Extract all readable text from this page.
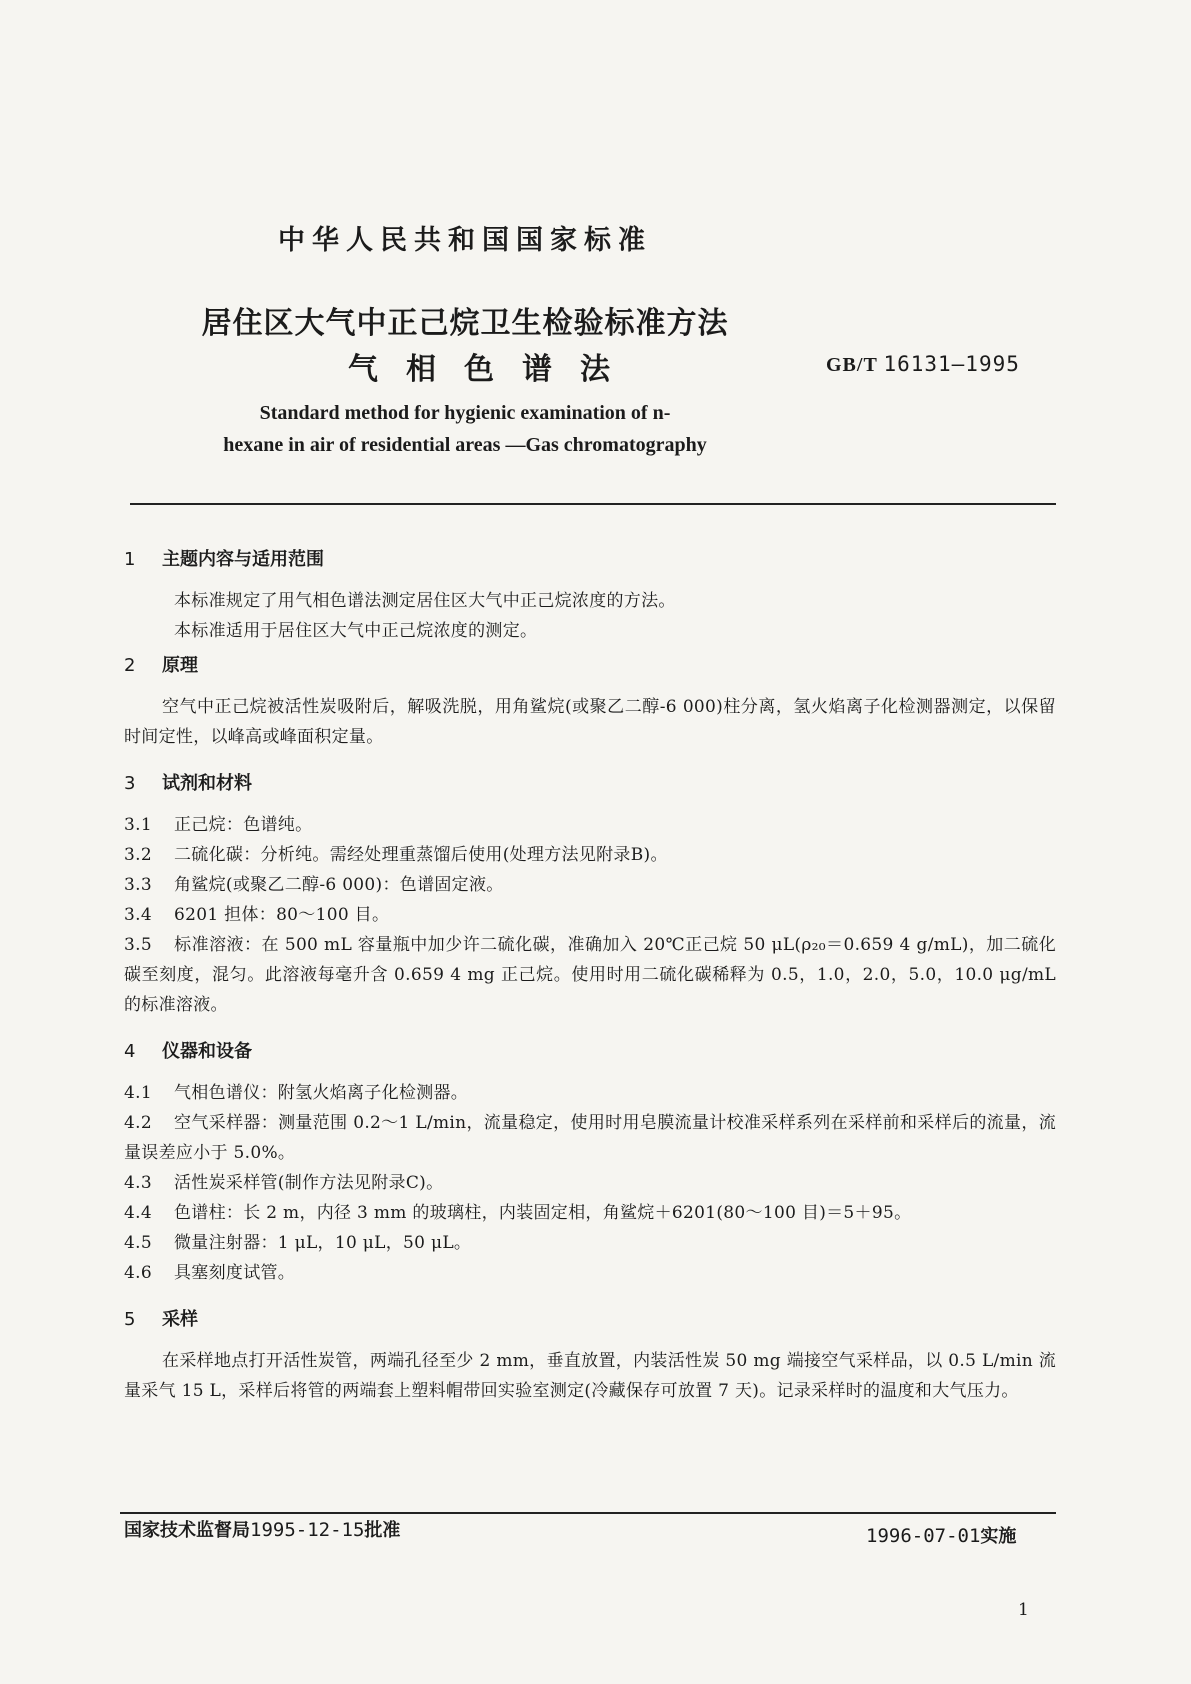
中华人民共和国国家标准
居住区大气中正己烷卫生检验标准方法
气相色谱法	GB/T 16131—1995
Standard method for hygienic examination of n-
hexane in air of residential areas —Gas chromatography
1 主题内容与适用范围

本标准规定了用气相色谱法测定居住区大气中正己烷浓度的方法。

本标准适用于居住区大气中正己烷浓度的测定。

2 原理

空气中正己烷被活性炭吸附后，解吸洗脱，用角鲨烷(或聚乙二醇-6 000)柱分离，氢火焰离子化检测器测定，以保留时间定性，以峰高或峰面积定量。

3 试剂和材料

3.1 正己烷：色谱纯。

3.2 二硫化碳：分析纯。需经处理重蒸馏后使用(处理方法见附录B)。

3.3 角鲨烷(或聚乙二醇-6 000)：色谱固定液。

3.4 6201 担体：80～100 目。

3.5 标准溶液：在 500 mL 容量瓶中加少许二硫化碳，准确加入 20℃正己烷 50 μL(ρ₂₀＝0.659 4 g/mL)，加二硫化碳至刻度，混匀。此溶液每毫升含 0.659 4 mg 正己烷。使用时用二硫化碳稀释为 0.5，1.0，2.0，5.0，10.0 μg/mL 的标准溶液。

4 仪器和设备

4.1 气相色谱仪：附氢火焰离子化检测器。

4.2 空气采样器：测量范围 0.2～1 L/min，流量稳定，使用时用皂膜流量计校准采样系列在采样前和采样后的流量，流量误差应小于 5.0%。

4.3 活性炭采样管(制作方法见附录C)。

4.4 色谱柱：长 2 m，内径 3 mm 的玻璃柱，内装固定相，角鲨烷＋6201(80～100 目)＝5＋95。

4.5 微量注射器：1 μL，10 μL，50 μL。

4.6 具塞刻度试管。

5 采样

在采样地点打开活性炭管，两端孔径至少 2 mm，垂直放置，内装活性炭 50 mg 端接空气采样品，以 0.5 L/min 流量采气 15 L，采样后将管的两端套上塑料帽带回实验室测定(冷藏保存可放置 7 天)。记录采样时的温度和大气压力。

国家技术监督局1995-12-15批准	1996-07-01实施
1
